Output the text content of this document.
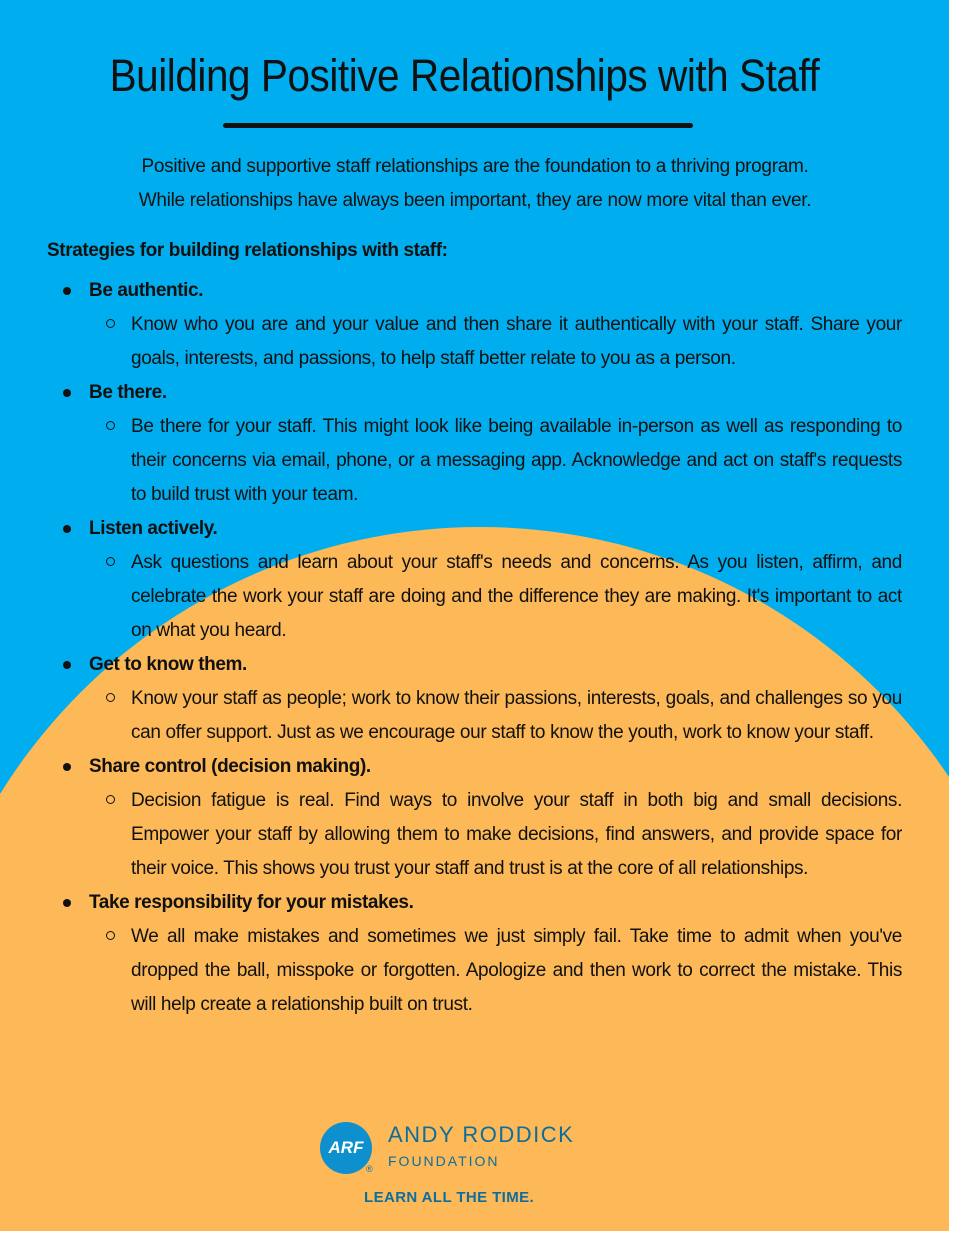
Building Positive Relationships with Staff

Positive and supportive staff relationships are the foundation to a thriving program.

While relationships have always been important, they are now more vital than ever.

Strategies for building relationships with staff:
Be authentic.
Know who you are and your value and then share it authentically with your staff. Share your goals, interests, and passions, to help staff better relate to you as a person.
Be there.
Be there for your staff. This might look like being available in-person as well as responding to their concerns via email, phone, or a messaging app. Acknowledge and act on staff's requests to build trust with your team.
Listen actively.
Ask questions and learn about your staff's needs and concerns. As you listen, affirm, and celebrate the work your staff are doing and the difference they are making. It's important to act on what you heard.
Get to know them.
Know your staff as people; work to know their passions, interests, goals, and challenges so you can offer support. Just as we encourage our staff to know the youth, work to know your staff.
Share control (decision making).
Decision fatigue is real. Find ways to involve your staff in both big and small decisions. Empower your staff by allowing them to make decisions, find answers, and provide space for their voice. This shows you trust your staff and trust is at the core of all relationships.
Take responsibility for your mistakes.
We all make mistakes and sometimes we just simply fail. Take time to admit when you've dropped the ball, misspoke or forgotten. Apologize and then work to correct the mistake. This will help create a relationship built on trust.
ARF
®
ANDY RODDICK
FOUNDATION
LEARN ALL THE TIME.
